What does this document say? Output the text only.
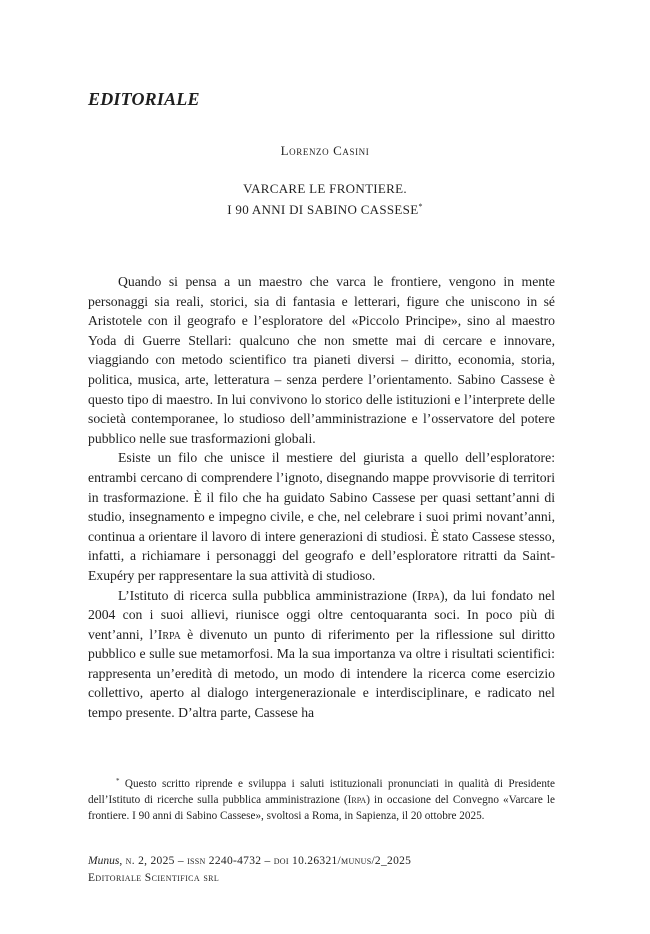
EDITORIALE
Lorenzo Casini
VARCARE LE FRONTIERE.
I 90 ANNI DI SABINO CASSESE*

Quando si pensa a un maestro che varca le frontiere, vengono in mente personaggi sia reali, storici, sia di fantasia e letterari, figure che uniscono in sé Aristotele con il geografo e l’esploratore del «Piccolo Principe», sino al maestro Yoda di Guerre Stellari: qualcuno che non smette mai di cercare e innovare, viaggiando con metodo scientifico tra pianeti diversi – diritto, economia, storia, politica, musica, arte, letteratura – senza perdere l’orientamento. Sabino Cassese è questo tipo di maestro. In lui convivono lo storico delle istituzioni e l’interprete delle società contemporanee, lo studioso dell’amministrazione e l’osservatore del potere pubblico nelle sue trasformazioni globali.

Esiste un filo che unisce il mestiere del giurista a quello dell’esploratore: entrambi cercano di comprendere l’ignoto, disegnando mappe provvisorie di territori in trasformazione. È il filo che ha guidato Sabino Cassese per quasi settant’anni di studio, insegnamento e impegno civile, e che, nel celebrare i suoi primi novant’anni, continua a orientare il lavoro di intere generazioni di studiosi. È stato Cassese stesso, infatti, a richiamare i personaggi del geografo e dell’esploratore ritratti da Saint-Exupéry per rappresentare la sua attività di studioso.

L’Istituto di ricerca sulla pubblica amministrazione (Irpa), da lui fondato nel 2004 con i suoi allievi, riunisce oggi oltre centoquaranta soci. In poco più di vent’anni, l’Irpa è divenuto un punto di riferimento per la riflessione sul diritto pubblico e sulle sue metamorfosi. Ma la sua importanza va oltre i risultati scientifici: rappresenta un’eredità di metodo, un modo di intendere la ricerca come esercizio collettivo, aperto al dialogo intergenerazionale e interdisciplinare, e radicato nel tempo presente. D’altra parte, Cassese ha

* Questo scritto riprende e sviluppa i saluti istituzionali pronunciati in qualità di Presidente dell’Istituto di ricerche sulla pubblica amministrazione (Irpa) in occasione del Convegno «Varcare le frontiere. I 90 anni di Sabino Cassese», svoltosi a Roma, in Sapienza, il 20 ottobre 2025.

Munus, n. 2, 2025 – issn 2240-4732 – doi 10.26321/munus/2_2025
Editoriale Scientifica srl
